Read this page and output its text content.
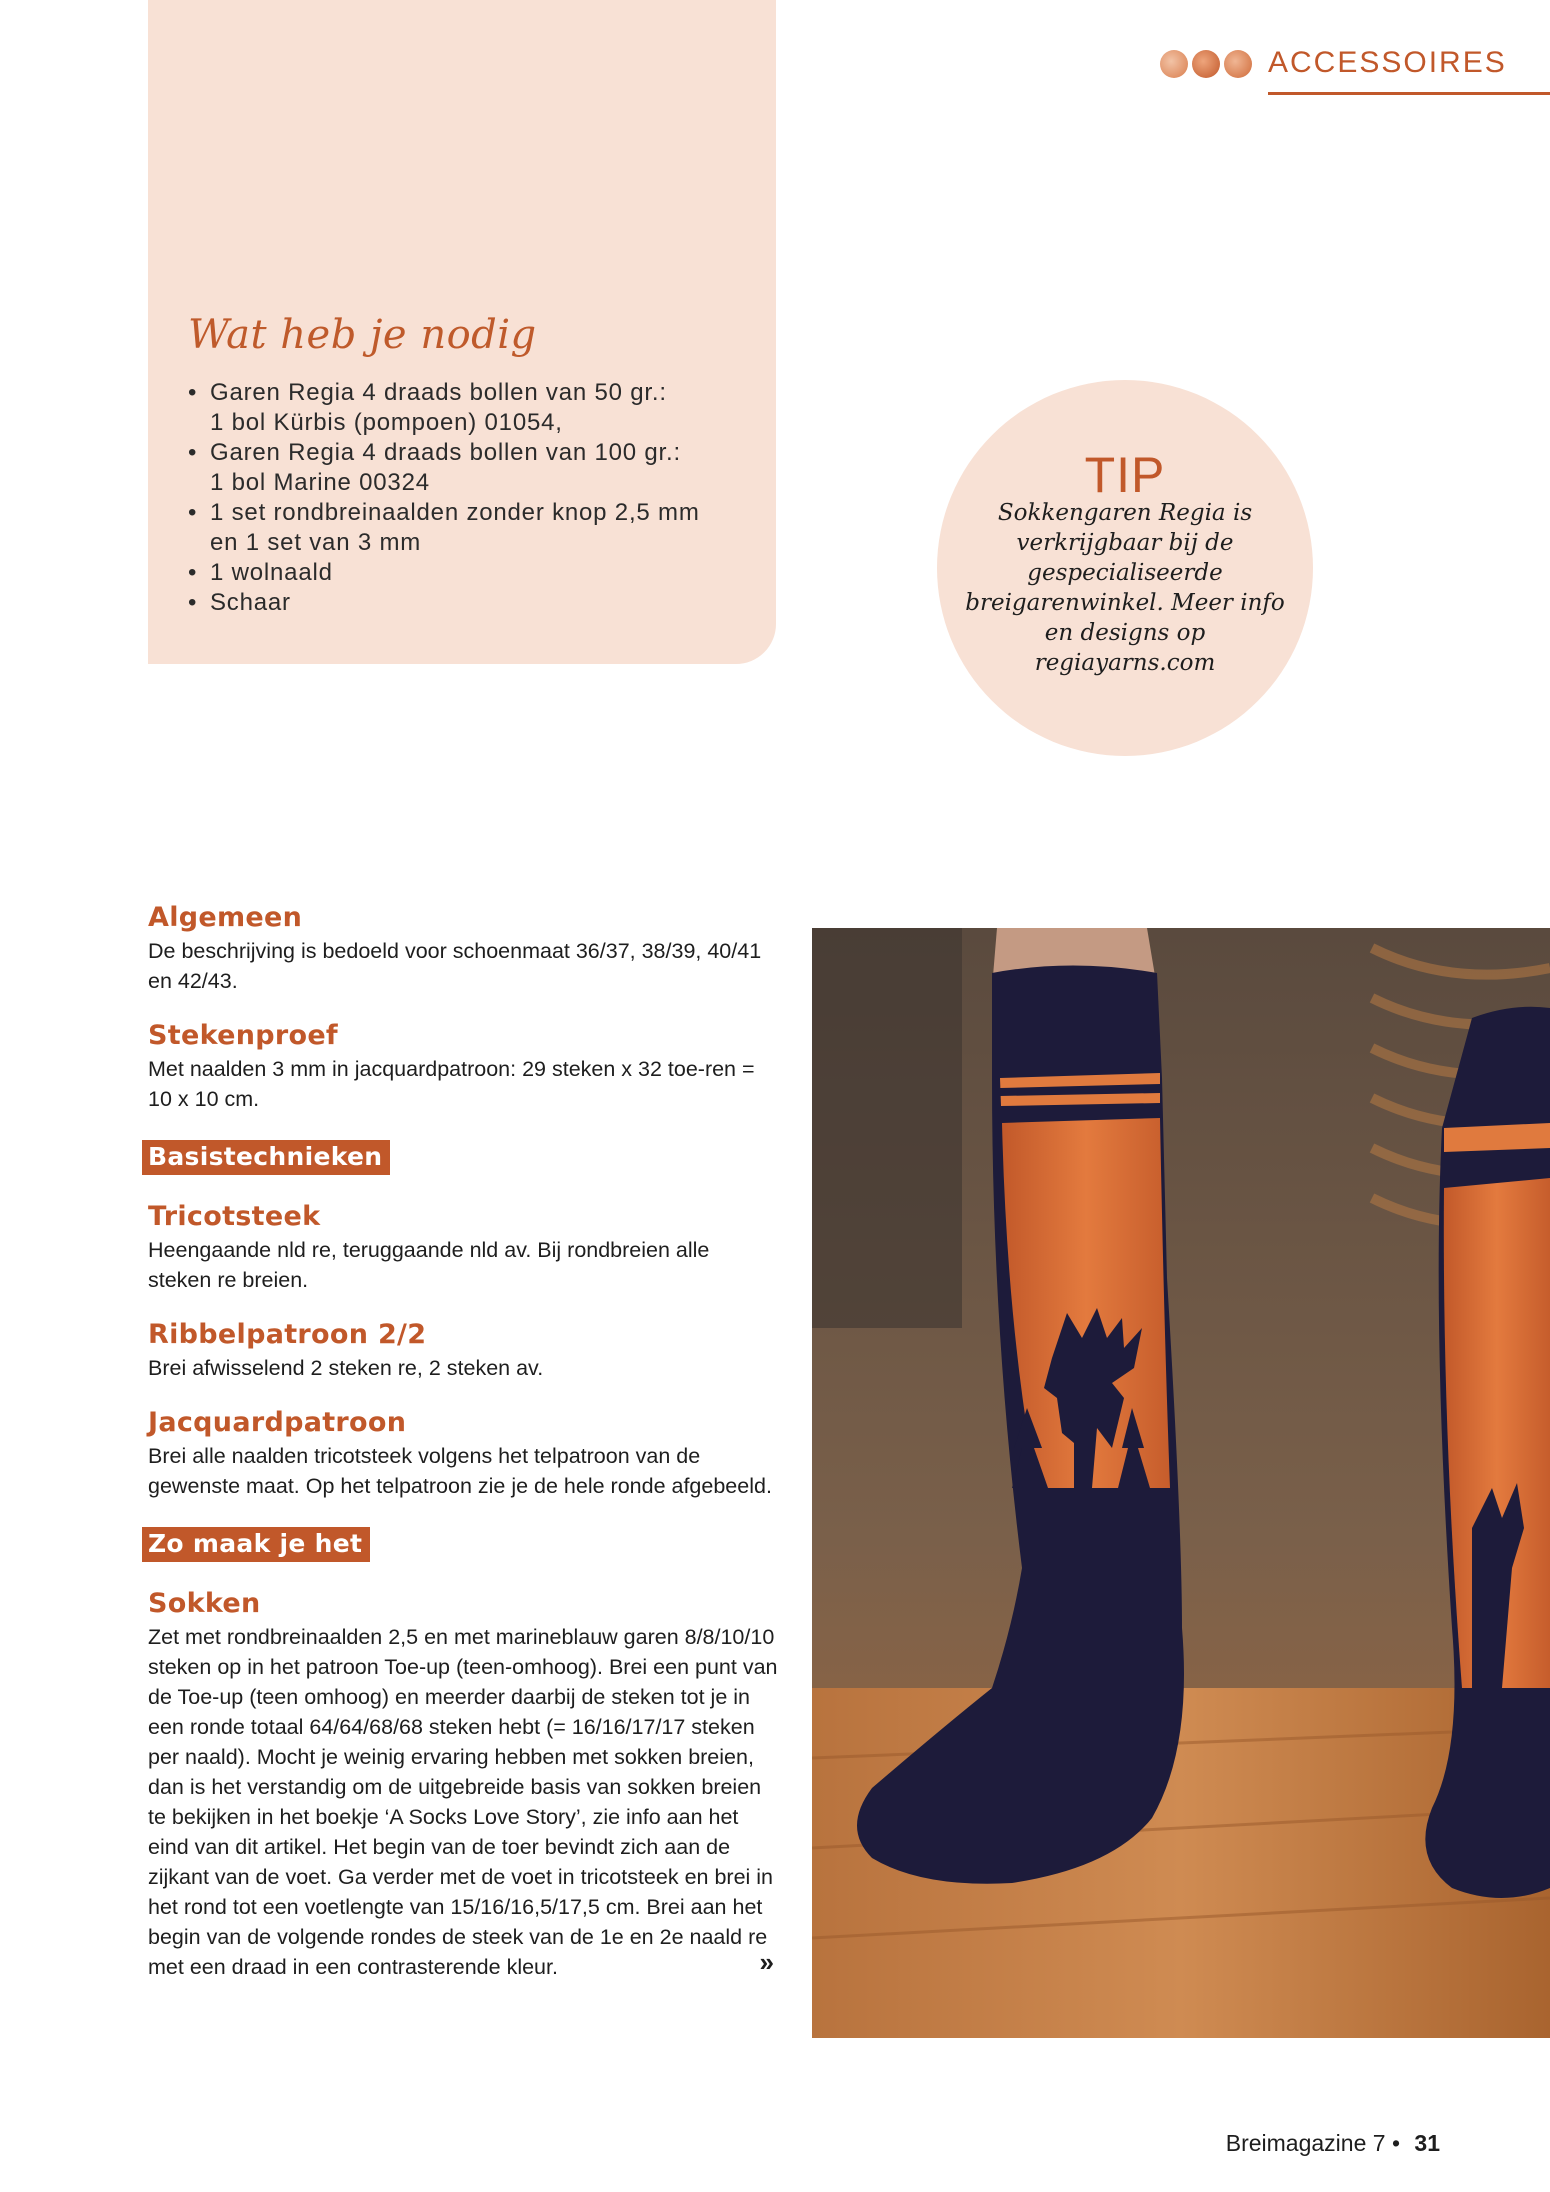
ACCESSOIRES
Wat heb je nodig
• Garen Regia 4 draads bollen van 50 gr.:
1 bol Kürbis (pompoen) 01054,
• Garen Regia 4 draads bollen van 100 gr.:
1 bol Marine 00324
• 1 set rondbreinaalden zonder knop 2,5 mm
en 1 set van 3 mm
• 1 wolnaald
• Schaar
TIP
Sokkengaren Regia is verkrijgbaar bij de gespecialiseerde breigarenwinkel. Meer info en designs op regiayarns.com
Algemeen

De beschrijving is bedoeld voor schoenmaat 36/37, 38/39, 40/41 en 42/43.

Stekenproef

Met naalden 3 mm in jacquardpatroon: 29 steken x 32 toe-ren = 10 x 10 cm.

Basistechnieken
Tricotsteek

Heengaande nld re, teruggaande nld av. Bij rondbreien alle steken re breien.

Ribbelpatroon 2/2

Brei afwisselend 2 steken re, 2 steken av.

Jacquardpatroon

Brei alle naalden tricotsteek volgens het telpatroon van de gewenste maat. Op het telpatroon zie je de hele ronde afgebeeld.

Zo maak je het
Sokken

Zet met rondbreinaalden 2,5 en met marineblauw garen 8/8/10/10 steken op in het patroon Toe-up (teen-omhoog). Brei een punt van de Toe-up (teen omhoog) en meerder daarbij de steken tot je in een ronde totaal 64/64/68/68 steken hebt (= 16/16/17/17 steken per naald). Mocht je weinig ervaring hebben met sokken breien, dan is het verstandig om de uitgebreide basis van sokken breien te bekijken in het boekje ‘A Socks Love Story’, zie info aan het eind van dit artikel. Het begin van de toer bevindt zich aan de zijkant van de voet. Ga verder met de voet in tricotsteek en brei in het rond tot een voetlengte van 15/16/16,5/17,5 cm. Brei aan het begin van de volgende rondes de steek van de 1e en 2e naald re met een draad in een contrasterende kleur.	»
Breimagazine 7 • 31
